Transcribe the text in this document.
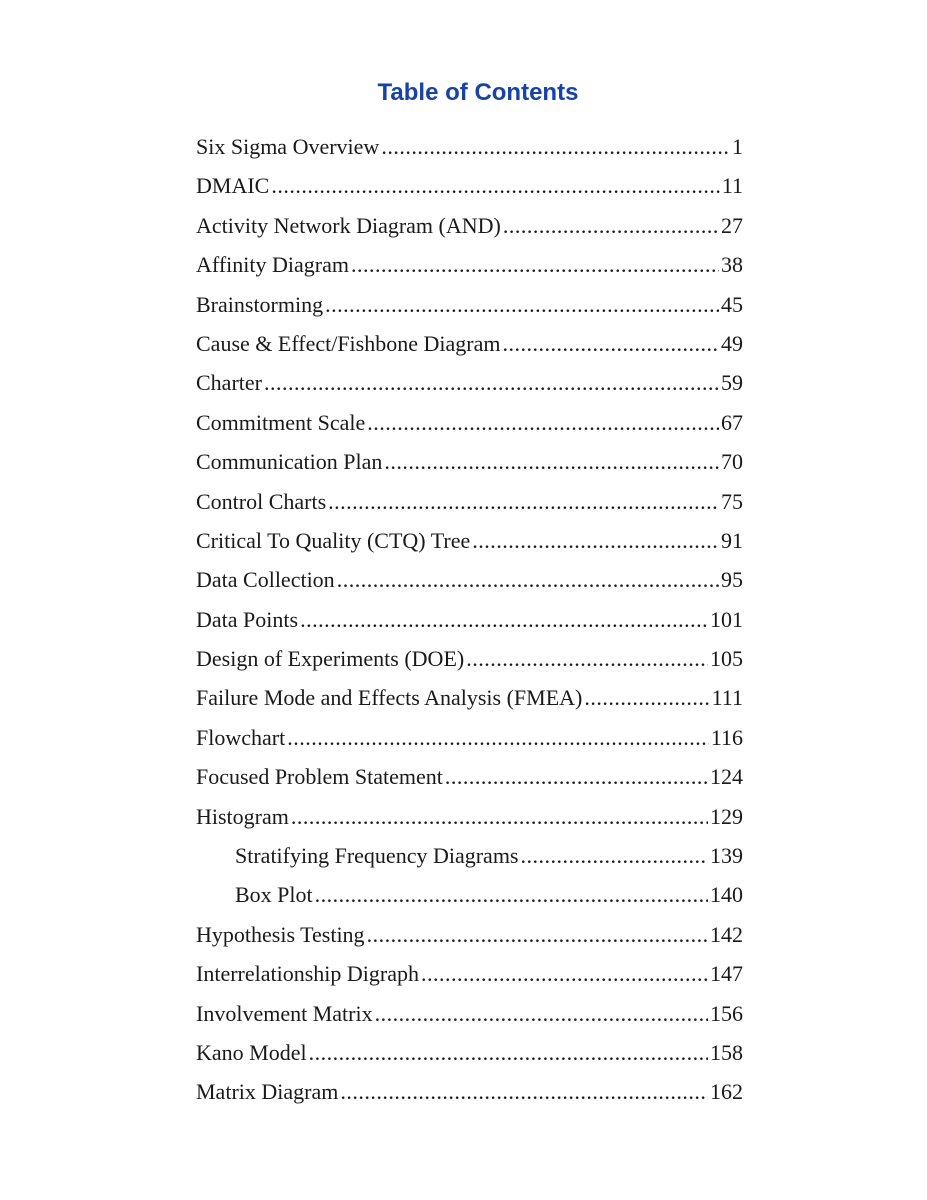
Table of Contents
Six Sigma Overview .....	1
DMAIC .....	11
Activity Network Diagram (AND) .....	27
Affinity Diagram .....	38
Brainstorming .....	45
Cause & Effect/Fishbone Diagram .....	49
Charter .....	59
Commitment Scale .....	67
Communication Plan .....	70
Control Charts .....	75
Critical To Quality (CTQ) Tree .....	91
Data Collection .....	95
Data Points .....	101
Design of Experiments (DOE) .....	105
Failure Mode and Effects Analysis (FMEA) .....	111
Flowchart .....	116
Focused Problem Statement .....	124
Histogram .....	129
Stratifying Frequency Diagrams .....	139
Box Plot .....	140
Hypothesis Testing .....	142
Interrelationship Digraph .....	147
Involvement Matrix .....	156
Kano Model .....	158
Matrix Diagram .....	162
